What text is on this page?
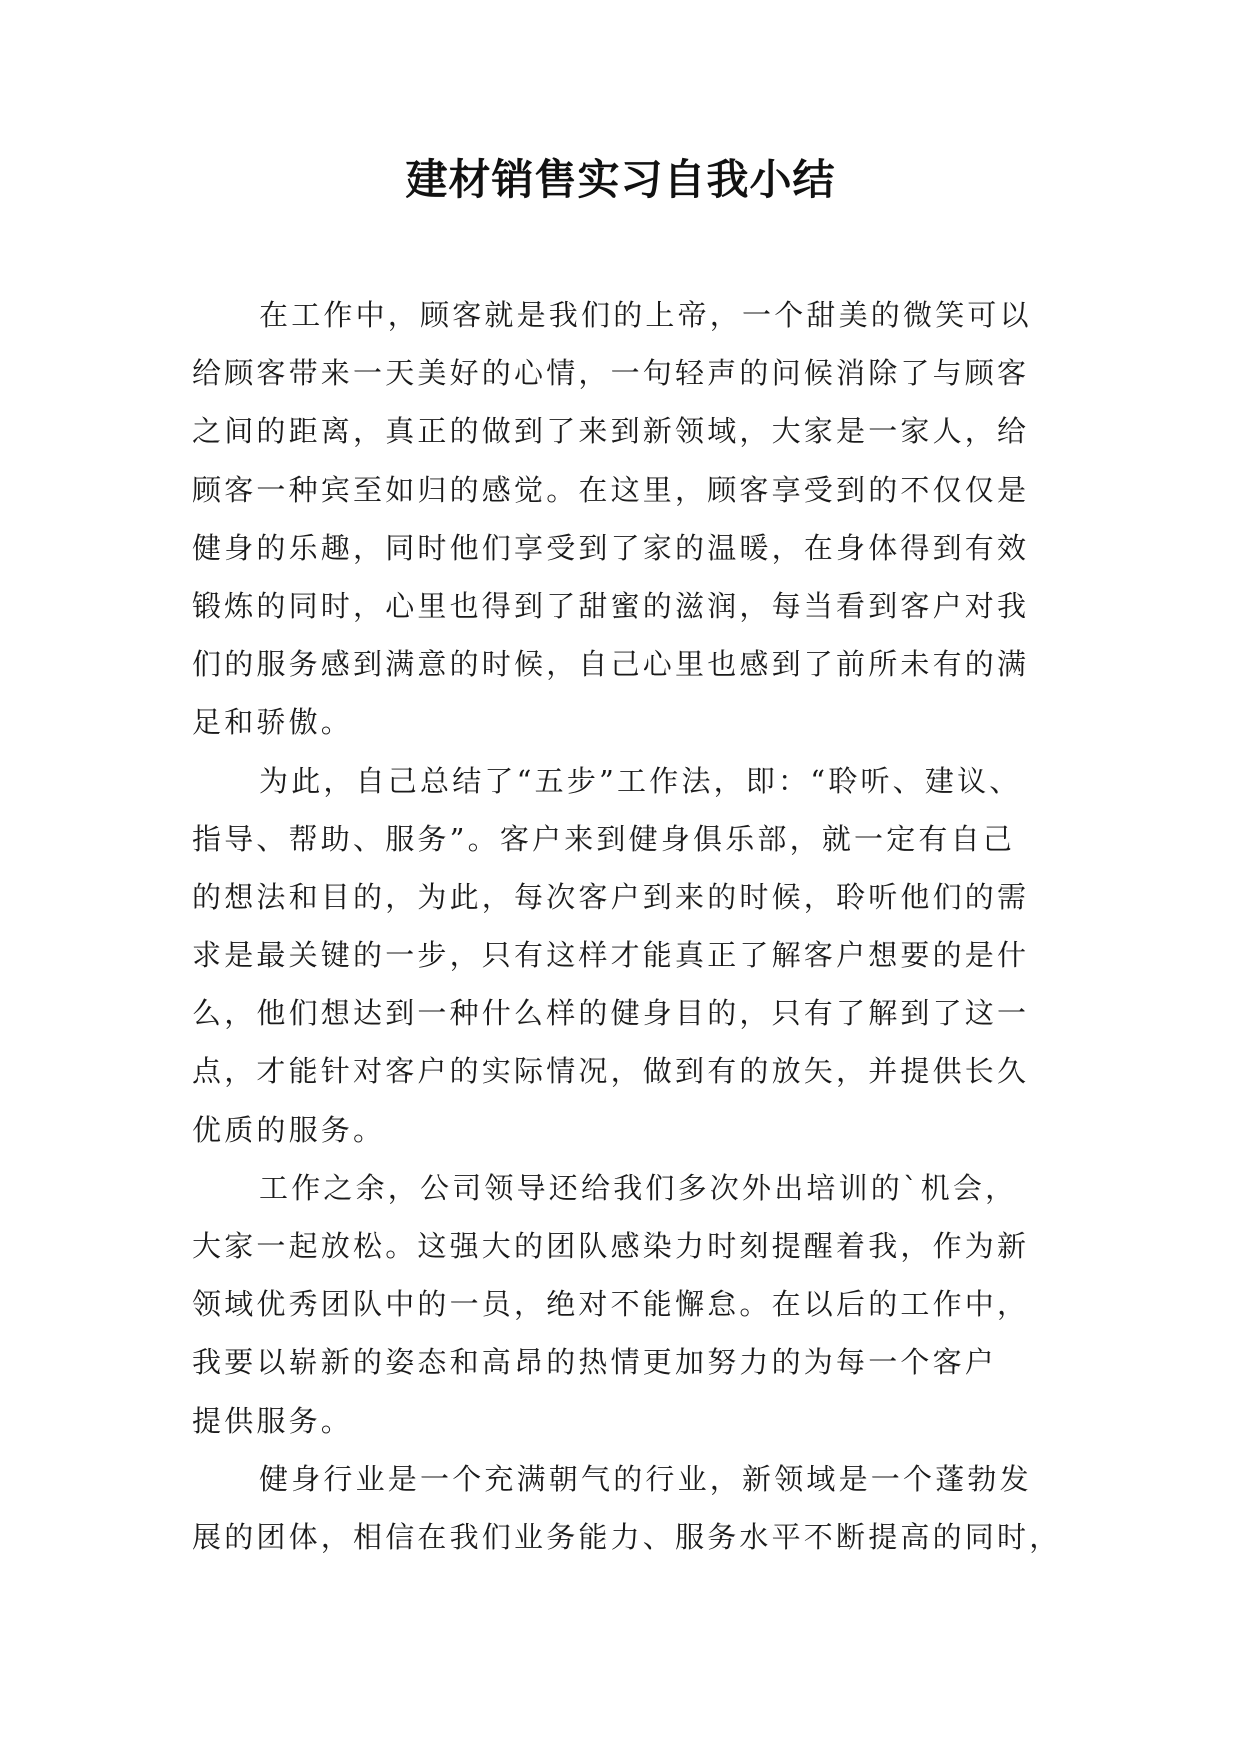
建材销售实习自我小结
在工作中，顾客就是我们的上帝，一个甜美的微笑可以
给顾客带来一天美好的心情，一句轻声的问候消除了与顾客
之间的距离，真正的做到了来到新领域，大家是一家人，给
顾客一种宾至如归的感觉。在这里，顾客享受到的不仅仅是
健身的乐趣，同时他们享受到了家的温暖，在身体得到有效
锻炼的同时，心里也得到了甜蜜的滋润，每当看到客户对我
们的服务感到满意的时候，自己心里也感到了前所未有的满
足和骄傲。
为此，自己总结了“五步”工作法，即：“聆听、建议、
指导、帮助、服务”。客户来到健身俱乐部，就一定有自己
的想法和目的，为此，每次客户到来的时候，聆听他们的需
求是最关键的一步，只有这样才能真正了解客户想要的是什
么，他们想达到一种什么样的健身目的，只有了解到了这一
点，才能针对客户的实际情况，做到有的放矢，并提供长久
优质的服务。
工作之余，公司领导还给我们多次外出培训的`机会，
大家一起放松。这强大的团队感染力时刻提醒着我，作为新
领域优秀团队中的一员，绝对不能懈怠。在以后的工作中，
我要以崭新的姿态和高昂的热情更加努力的为每一个客户
提供服务。
健身行业是一个充满朝气的行业，新领域是一个蓬勃发
展的团体，相信在我们业务能力、服务水平不断提高的同时，
